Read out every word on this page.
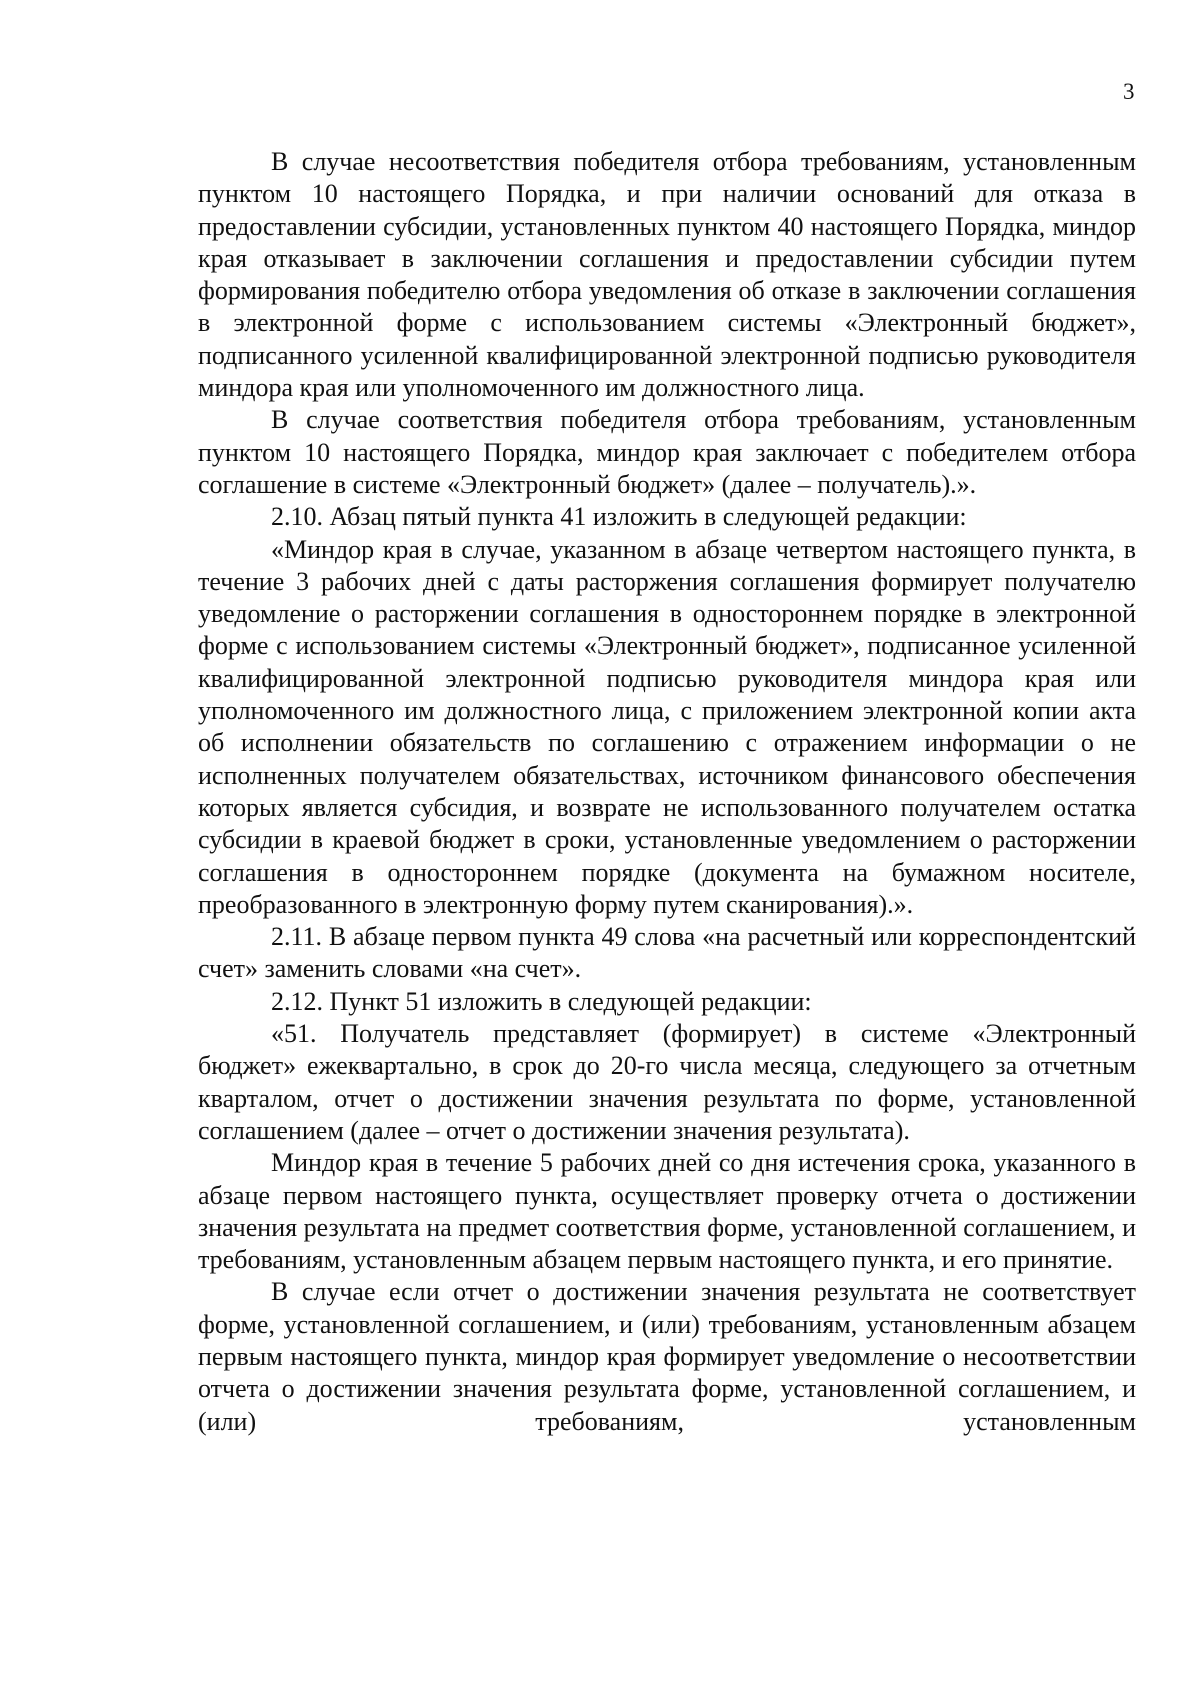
3

В случае несоответствия победителя отбора требованиям, установленным пунктом 10 настоящего Порядка, и при наличии оснований для отказа в предоставлении субсидии, установленных пунктом 40 настоящего Порядка, миндор края отказывает в заключении соглашения и предоставлении субсидии путем формирования победителю отбора уведомления об отказе в заключении соглашения в электронной форме с использованием системы «Электронный бюджет», подписанного усиленной квалифицированной электронной подписью руководителя миндора края или уполномоченного им должностного лица.

В случае соответствия победителя отбора требованиям, установленным пунктом 10 настоящего Порядка, миндор края заключает с победителем отбора соглашение в системе «Электронный бюджет» (далее – получатель).».

2.10. Абзац пятый пункта 41 изложить в следующей редакции:

«Миндор края в случае, указанном в абзаце четвертом настоящего пункта, в течение 3 рабочих дней с даты расторжения соглашения формирует получателю уведомление о расторжении соглашения в одностороннем порядке в электронной форме с использованием системы «Электронный бюджет», подписанное усиленной квалифицированной электронной подписью руководителя миндора края или уполномоченного им должностного лица, с приложением электронной копии акта об исполнении обязательств по соглашению с отражением информации о не исполненных получателем обязательствах, источником финансового обеспечения которых является субсидия, и возврате не использованного получателем остатка субсидии в краевой бюджет в сроки, установленные уведомлением о расторжении соглашения в одностороннем порядке (документа на бумажном носителе, преобразованного в электронную форму путем сканирования).».

2.11. В абзаце первом пункта 49 слова «на расчетный или корреспондентский счет» заменить словами «на счет».

2.12. Пункт 51 изложить в следующей редакции:

«51. Получатель представляет (формирует) в системе «Электронный бюджет» ежеквартально, в срок до 20-го числа месяца, следующего за отчетным кварталом, отчет о достижении значения результата по форме, установленной соглашением (далее – отчет о достижении значения результата).

Миндор края в течение 5 рабочих дней со дня истечения срока, указанного в абзаце первом настоящего пункта, осуществляет проверку отчета о достижении значения результата на предмет соответствия форме, установленной соглашением, и требованиям, установленным абзацем первым настоящего пункта, и его принятие.

В случае если отчет о достижении значения результата не соответствует форме, установленной соглашением, и (или) требованиям, установленным абзацем первым настоящего пункта, миндор края формирует уведомление о несоответствии отчета о достижении значения результата форме, установленной соглашением, и (или) требованиям, установленным
